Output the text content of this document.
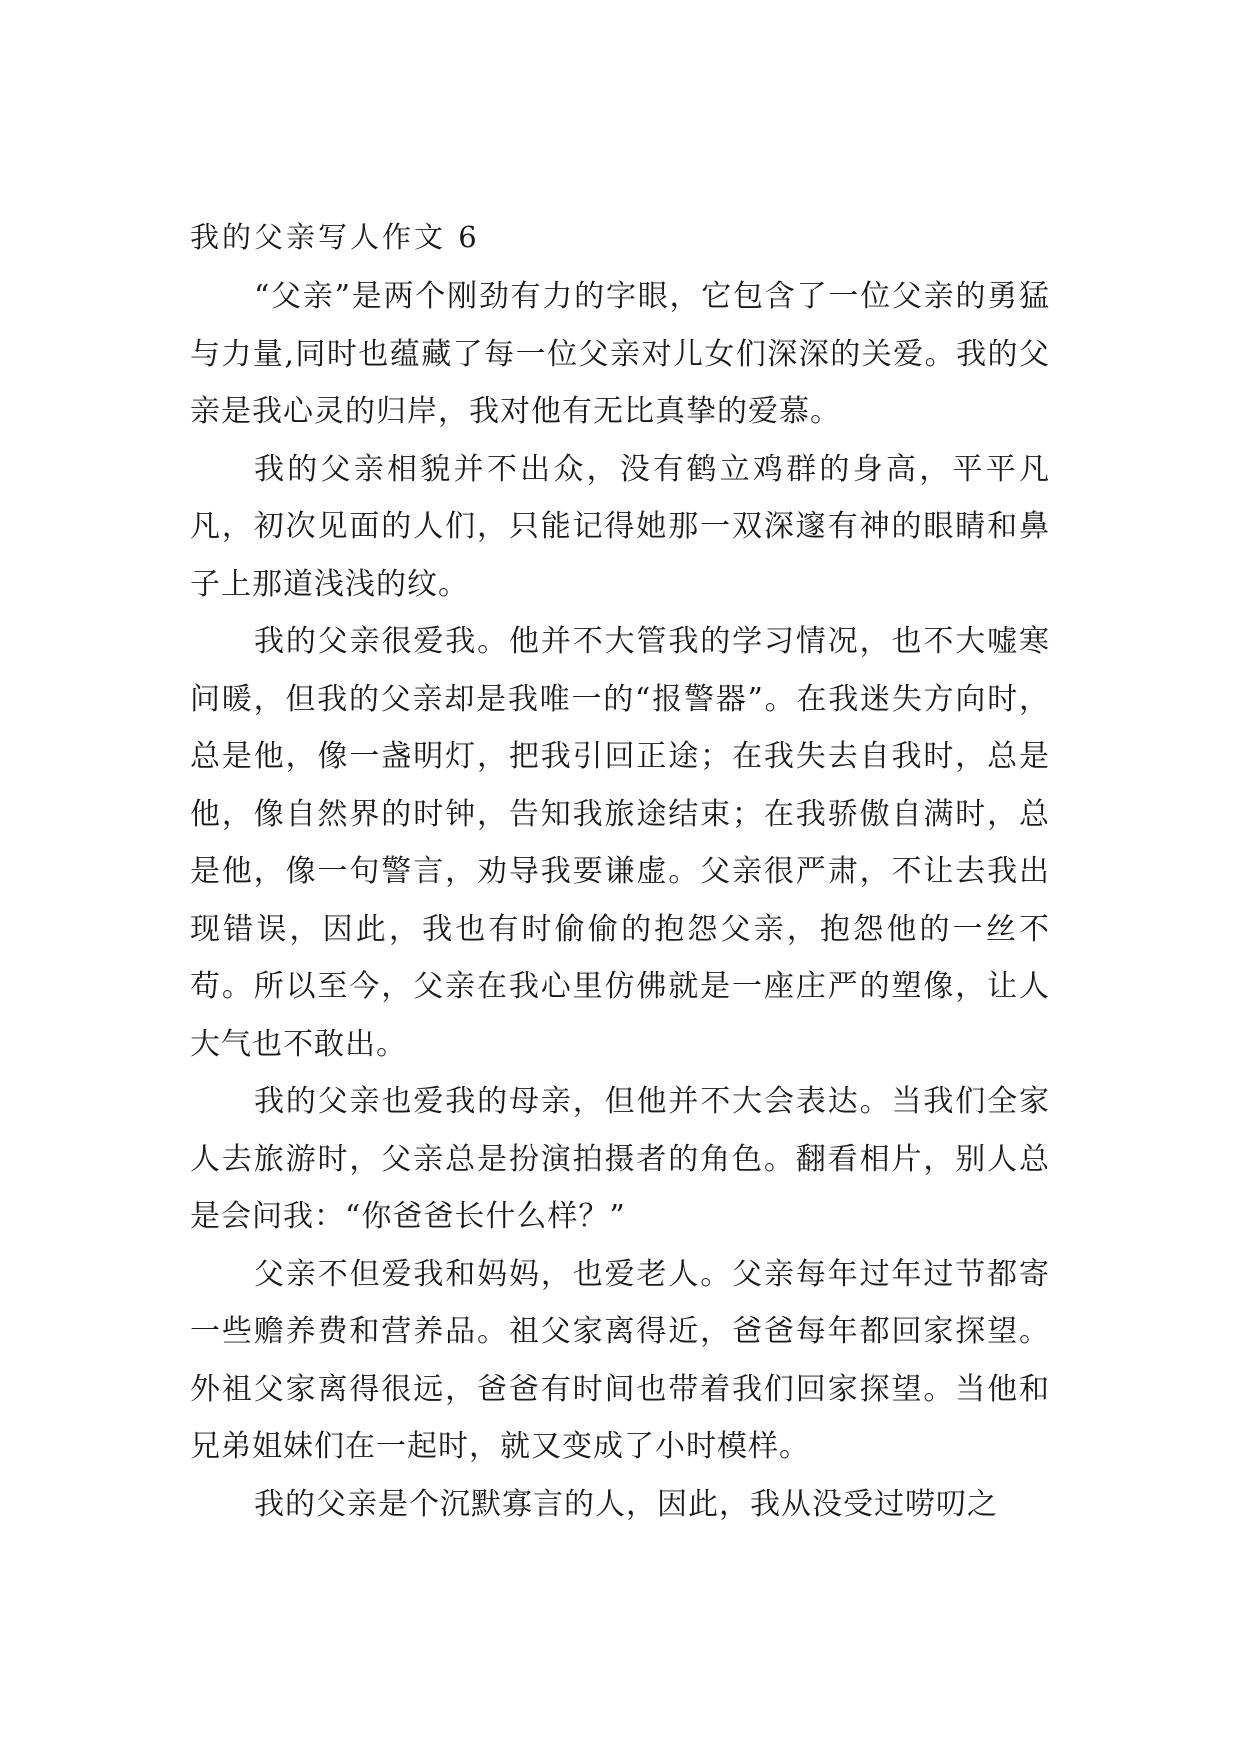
我的父亲写人作文 6

“父亲”是两个刚劲有力的字眼，它包含了一位父亲的勇猛与力量,同时也蕴藏了每一位父亲对儿女们深深的关爱。我的父亲是我心灵的归岸，我对他有无比真挚的爱慕。

我的父亲相貌并不出众，没有鹤立鸡群的身高，平平凡凡，初次见面的人们，只能记得她那一双深邃有神的眼睛和鼻子上那道浅浅的纹。

我的父亲很爱我。他并不大管我的学习情况，也不大嘘寒问暖，但我的父亲却是我唯一的“报警器”。在我迷失方向时，总是他，像一盏明灯，把我引回正途；在我失去自我时，总是他，像自然界的时钟，告知我旅途结束；在我骄傲自满时，总是他，像一句警言，劝导我要谦虚。父亲很严肃，不让去我出现错误，因此，我也有时偷偷的抱怨父亲，抱怨他的一丝不苟。所以至今，父亲在我心里仿佛就是一座庄严的塑像，让人大气也不敢出。

我的父亲也爱我的母亲，但他并不大会表达。当我们全家人去旅游时，父亲总是扮演拍摄者的角色。翻看相片，别人总是会问我：“你爸爸长什么样？”

父亲不但爱我和妈妈，也爱老人。父亲每年过年过节都寄一些赡养费和营养品。祖父家离得近，爸爸每年都回家探望。外祖父家离得很远，爸爸有时间也带着我们回家探望。当他和兄弟姐妹们在一起时，就又变成了小时模样。

我的父亲是个沉默寡言的人，因此，我从没受过唠叨之
